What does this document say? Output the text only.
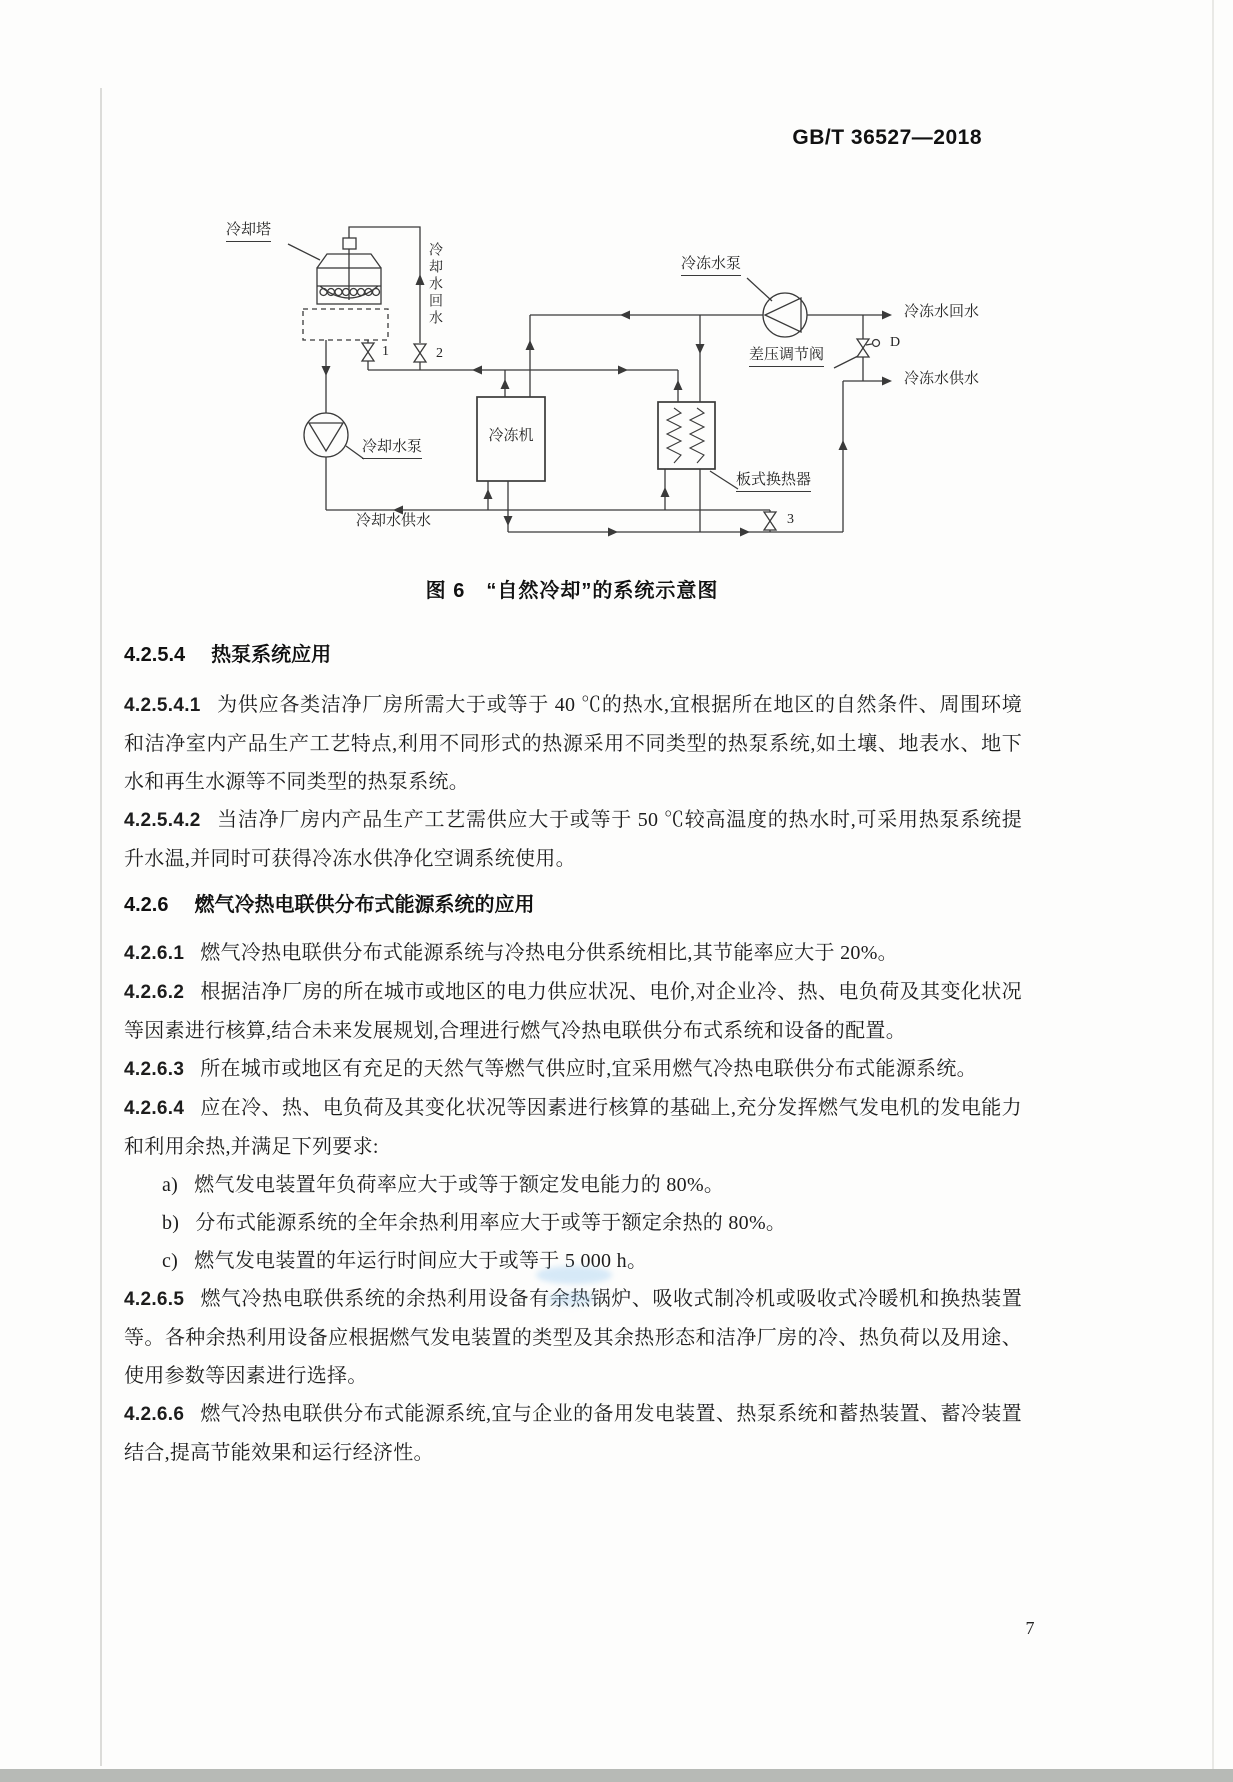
GB/T 36527—2018
冷却塔
冷却水回水
1	2
冷冻水泵
冷冻水回水
差压调节阀
D
冷冻水供水
冷冻机
板式换热器
3
冷却水泵
冷却水供水
图 6　“自然冷却”的系统示意图
4.2.5.4 热泵系统应用

4.2.5.4.1 为供应各类洁净厂房所需大于或等于 40 ℃的热水,宜根据所在地区的自然条件、周围环境和洁净室内产品生产工艺特点,利用不同形式的热源采用不同类型的热泵系统,如土壤、地表水、地下水和再生水源等不同类型的热泵系统。

4.2.5.4.2 当洁净厂房内产品生产工艺需供应大于或等于 50 ℃较高温度的热水时,可采用热泵系统提升水温,并同时可获得冷冻水供净化空调系统使用。

4.2.6 燃气冷热电联供分布式能源系统的应用

4.2.6.1 燃气冷热电联供分布式能源系统与冷热电分供系统相比,其节能率应大于 20%。

4.2.6.2 根据洁净厂房的所在城市或地区的电力供应状况、电价,对企业冷、热、电负荷及其变化状况等因素进行核算,结合未来发展规划,合理进行燃气冷热电联供分布式系统和设备的配置。

4.2.6.3 所在城市或地区有充足的天然气等燃气供应时,宜采用燃气冷热电联供分布式能源系统。

4.2.6.4 应在冷、热、电负荷及其变化状况等因素进行核算的基础上,充分发挥燃气发电机的发电能力和利用余热,并满足下列要求:

a) 燃气发电装置年负荷率应大于或等于额定发电能力的 80%。

b) 分布式能源系统的全年余热利用率应大于或等于额定余热的 80%。

c) 燃气发电装置的年运行时间应大于或等于 5 000 h。

4.2.6.5 燃气冷热电联供系统的余热利用设备有余热锅炉、吸收式制冷机或吸收式冷暖机和换热装置等。各种余热利用设备应根据燃气发电装置的类型及其余热形态和洁净厂房的冷、热负荷以及用途、使用参数等因素进行选择。

4.2.6.6 燃气冷热电联供分布式能源系统,宜与企业的备用发电装置、热泵系统和蓄热装置、蓄冷装置结合,提高节能效果和运行经济性。

7
